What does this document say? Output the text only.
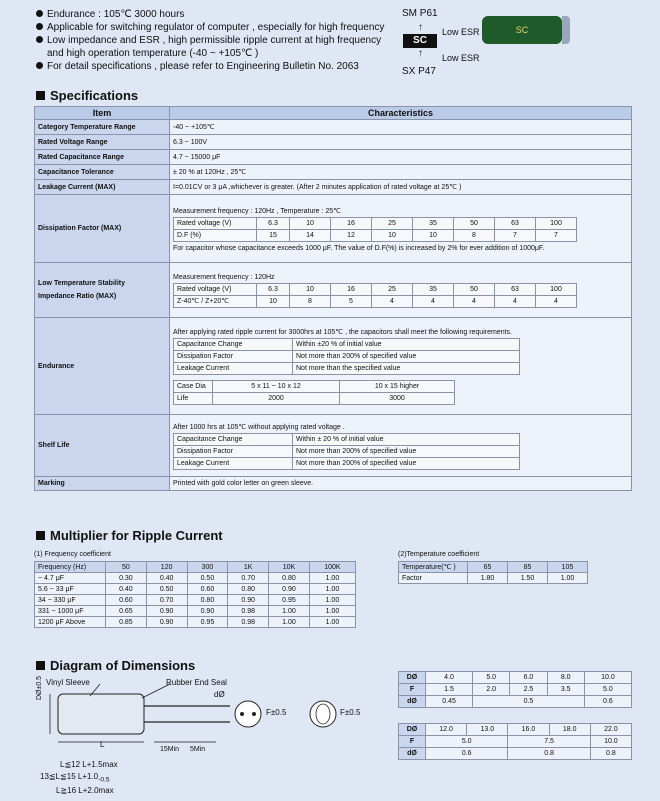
Endurance : 105℃ 3000 hours
Applicable for switching regulator of computer , especially for high frequency
Low impedance and ESR , high permissible ripple current at high frequency
and high operation temperature (-40 ~ +105℃ )
For detail specifications , please refer to Engineering Bulletin No. 2063
SM P61
↑ Low ESR
SC
↑ Low ESR
SX P47
SC
Specifications
Item	Characteristics
Category Temperature Range	-40 ~ +105℃
Rated Voltage Range	6.3 ~ 100V
Rated Capacitance Range	4.7 ~ 15000 μF
Capacitance Tolerance	± 20 % at 120Hz , 25℃
Leakage Current (MAX)	I=0.01CV or 3 μA ,whichever is greater. (After 2 minutes application of rated voltage at 25℃ )
Dissipation Factor (MAX)	
Measurement frequency : 120Hz , Temperature : 25℃
Rated voltage (V)	6.3	10	16	25	35	50	63	100
D.F (%)	15	14	12	10	10	8	7	7
For capacitor whose capacitance exceeds 1000 μF. The value of D.F(%) is increased by 2% for ever addition of 1000μF.

Low Temperature Stability
Impedance Ratio (MAX)

Measurement frequency : 120Hz
Rated voltage (V)	6.3	10	16	25	35	50	63	100
Z-40℃ / Z+20℃	10	8	5	4	4	4	4	4

Endurance	
After applying rated ripple current for 3000hrs at 105℃ , the capacitors shall meet the following requirements.
Capacitance Change	Within ±20 % of initial value
Dissipation Factor	Not more than 200% of specified value
Leakage Current	Not more than the specified value
Case Dia	5 x 11 ~ 10 x 12	10 x 15 higher
Life	2000	3000

Shelf Life	
After 1000 hrs at 105℃ without applying rated voltage .
Capacitance Change	Within ± 20 % of initial value
Dissipation Factor	Not more than 200% of specified value
Leakage Current	Not more than 200% of specified value

Marking	Printed with gold color letter on green sleeve.
Multiplier for Ripple Current
(1) Frequency coefficient
Frequency (Hz)	50	120	300	1K	10K	100K
~ 4.7 μF	0.30	0.40	0.50	0.70	0.80	1.00
5.6 ~ 33 μF	0.40	0.50	0.60	0.80	0.90	1.00
34 ~ 330 μF	0.60	0.70	0.80	0.90	0.95	1.00
331 ~ 1000 μF	0.65	0.90	0.90	0.98	1.00	1.00
1200 μF Above	0.85	0.90	0.95	0.98	1.00	1.00
(2)Temperature coefficient
Temperature(℃ )	65	85	105
Factor	1.80	1.50	1.00
Diagram of Dimensions
Vinyl Sleeve	Rubber End Seal
dØ
DØ±0.5
L
15Min 5Min
F±0.5	F±0.5
L≦12 L+1.5max
13≦L≦15 $L+1.0_{-0.5}$
L≧16 L+2.0max
DØ	4.0	5.0	6.0	8.0	10.0
F	1.5	2.0	2.5	3.5	5.0
dØ	0.45	0.5			0.6
DØ	12.0	13.0	16.0	18.0	22.0
F	5.0		7.5		10.0
dØ	0.6		0.8		0.8
